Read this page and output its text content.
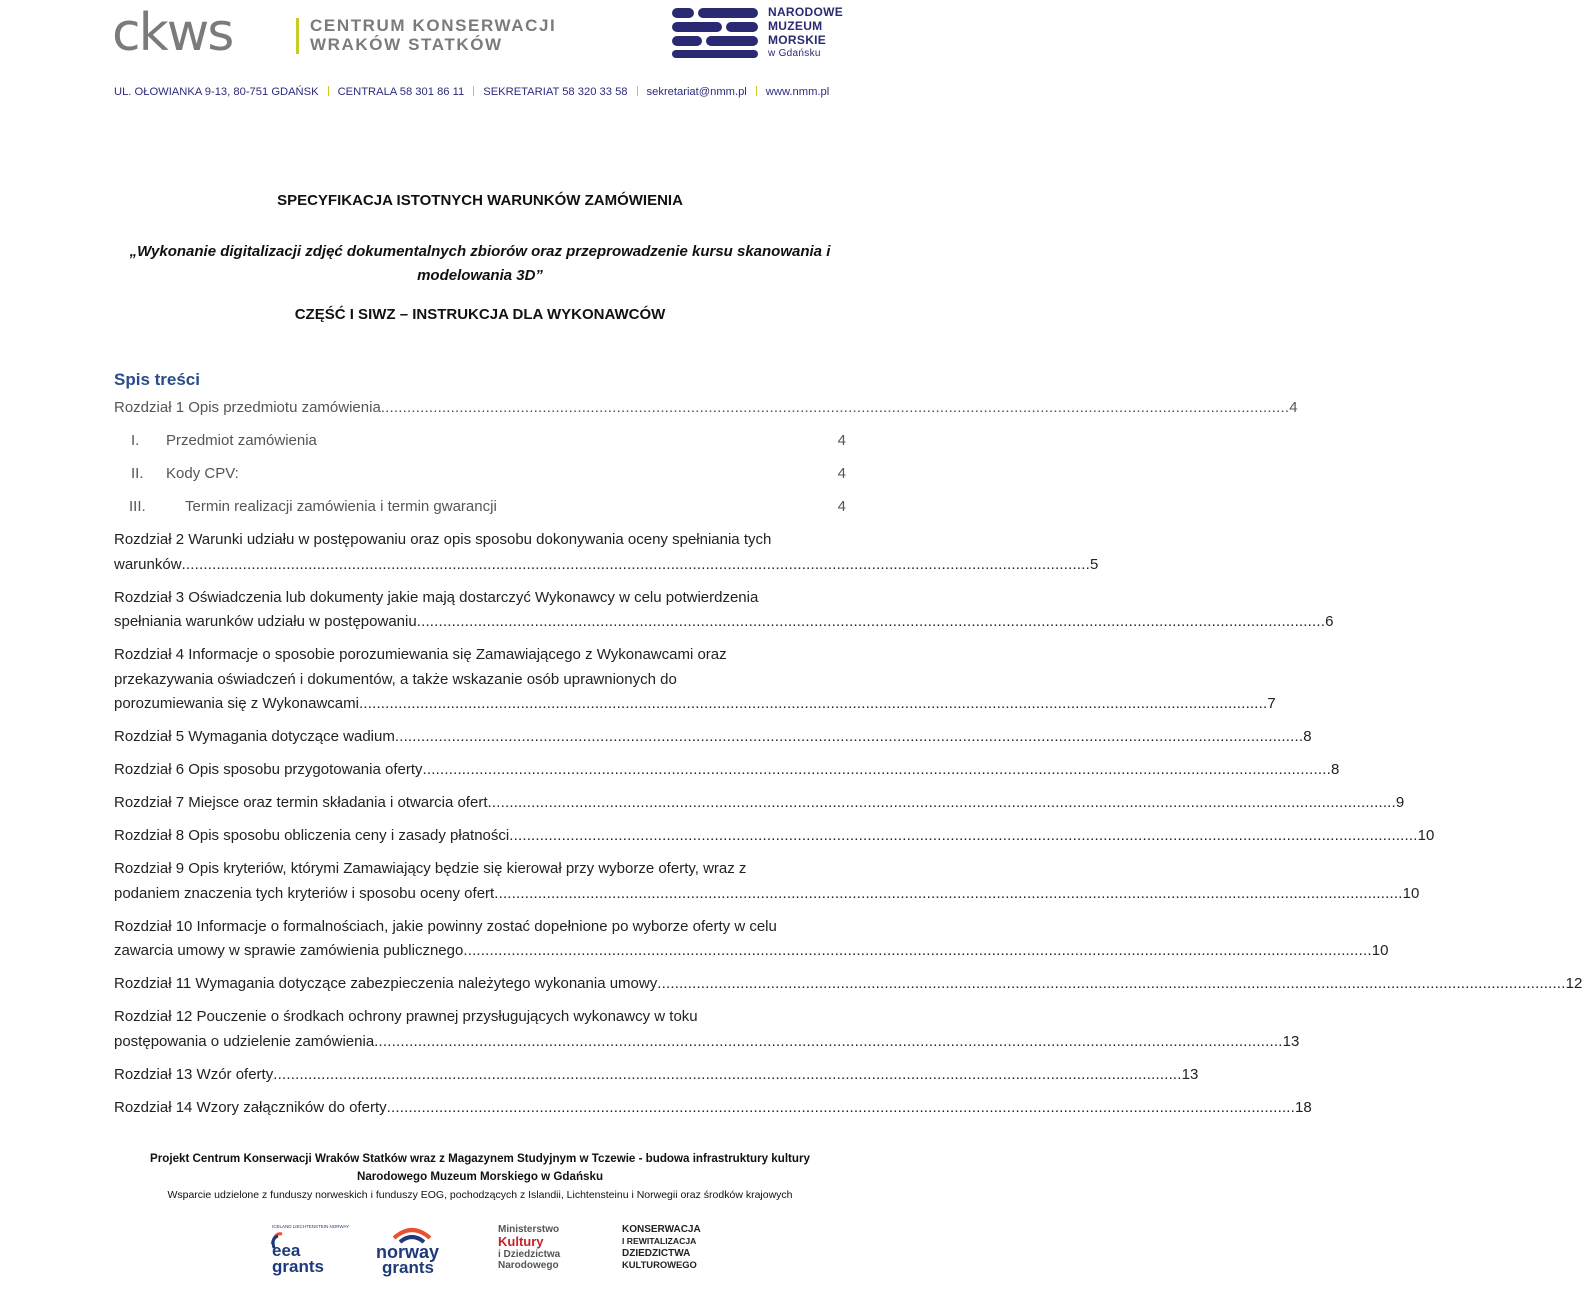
ckws	CENTRUM KONSERWACJI
WRAKÓW STATKÓW
NARODOWE
MUZEUM
MORSKIE
w Gdańsku
UL. OŁOWIANKA 9-13, 80-751 GDAŃSK CENTRALA 58 301 86 11 SEKRETARIAT 58 320 33 58 sekretariat@nmm.pl www.nmm.pl
SPECYFIKACJA ISTOTNYCH WARUNKÓW ZAMÓWIENIA
„Wykonanie digitalizacji zdjęć dokumentalnych zbiorów oraz przeprowadzenie kursu skanowania i modelowania 3D”
CZĘŚĆ I SIWZ – INSTRUKCJA DLA WYKONAWCÓW
Spis treści
Rozdział 1 Opis przedmiotu zamówienia .....	4
I.	Przedmiot zamówienia	4
II.	Kody CPV:	4
III.	Termin realizacji zamówienia i termin gwarancji	4
Rozdział 2 Warunki udziału w postępowaniu oraz opis sposobu dokonywania oceny spełniania tych
warunków .....	5
Rozdział 3 Oświadczenia lub dokumenty jakie mają dostarczyć Wykonawcy w celu potwierdzenia
spełniania warunków udziału w postępowaniu .....	6
Rozdział 4 Informacje o sposobie porozumiewania się Zamawiającego z Wykonawcami oraz
przekazywania oświadczeń i dokumentów, a także wskazanie osób uprawnionych do
porozumiewania się z Wykonawcami .....	7
Rozdział 5 Wymagania dotyczące wadium .....	8
Rozdział 6 Opis sposobu przygotowania oferty .....	8
Rozdział 7 Miejsce oraz termin składania i otwarcia ofert .....	9
Rozdział 8 Opis sposobu obliczenia ceny i zasady płatności .....	10
Rozdział 9 Opis kryteriów, którymi Zamawiający będzie się kierował przy wyborze oferty, wraz z
podaniem znaczenia tych kryteriów i sposobu oceny ofert .....	10
Rozdział 10 Informacje o formalnościach, jakie powinny zostać dopełnione po wyborze oferty w celu
zawarcia umowy w sprawie zamówienia publicznego .....	10
Rozdział 11 Wymagania dotyczące zabezpieczenia należytego wykonania umowy .....	12
Rozdział 12 Pouczenie o środkach ochrony prawnej przysługujących wykonawcy w toku
postępowania o udzielenie zamówienia .....	13
Rozdział 13 Wzór oferty .....	13
Rozdział 14 Wzory załączników do oferty .....	18
Projekt Centrum Konserwacji Wraków Statków wraz z Magazynem Studyjnym w Tczewie - budowa infrastruktury kultury
Narodowego Muzeum Morskiego w Gdańsku
Wsparcie udzielone z funduszy norweskich i funduszy EOG, pochodzących z Islandii, Lichtensteinu i Norwegii oraz środków krajowych
ICELAND LIECHTENSTEIN NORWAY
eea
grants
norway
grants
Ministerstwo
Kultury
i Dziedzictwa
Narodowego
KONSERWACJA
I REWITALIZACJA
DZIEDZICTWA
KULTUROWEGO
